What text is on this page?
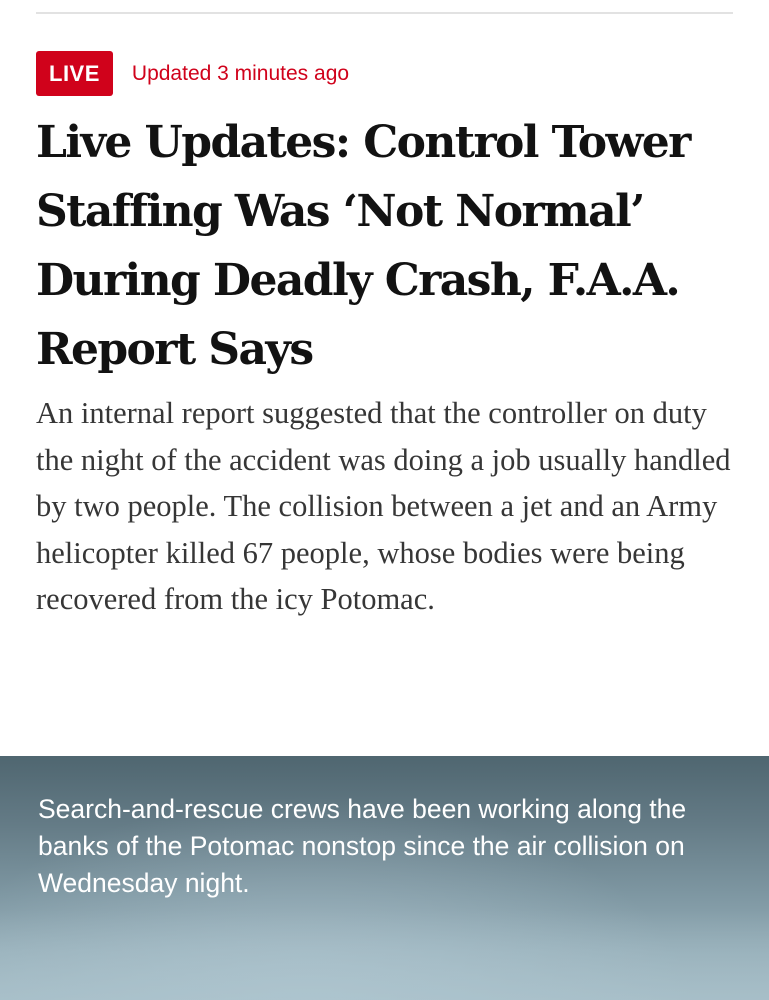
LIVE	Updated 3 minutes ago
Live Updates: Control Tower Staffing Was ‘Not Normal’ During Deadly Crash, F.A.A. Report Says

An internal report suggested that the controller on duty the night of the accident was doing a job usually handled by two people. The collision between a jet and an Army helicopter killed 67 people, whose bodies were being recovered from the icy Potomac.

Search-and-rescue crews have been working along the banks of the Potomac nonstop since the air collision on Wednesday night.
